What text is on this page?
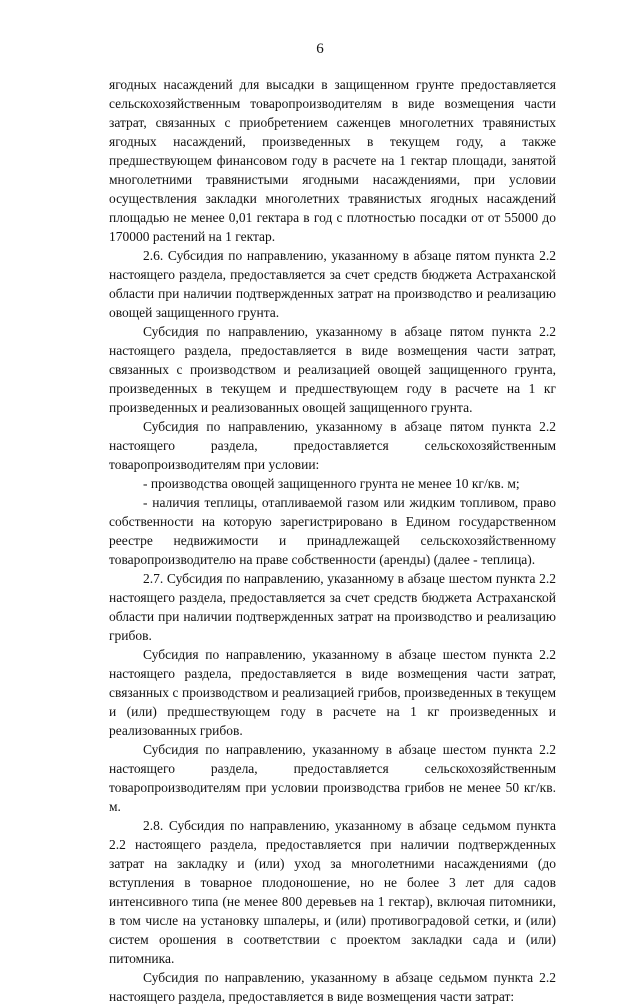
6

ягодных насаждений для высадки в защищенном грунте предоставляется сельскохозяйственным товаропроизводителям в виде возмещения части затрат, связанных с приобретением саженцев многолетних травянистых ягодных насаждений, произведенных в текущем году, а также предшествующем финансовом году в расчете на 1 гектар площади, занятой многолетними травянистыми ягодными насаждениями, при условии осуществления закладки многолетних травянистых ягодных насаждений площадью не менее 0,01 гектара в год с плотностью посадки от от 55000 до 170000 растений на 1 гектар.

2.6. Субсидия по направлению, указанному в абзаце пятом пункта 2.2 настоящего раздела, предоставляется за счет средств бюджета Астраханской области при наличии подтвержденных затрат на производство и реализацию овощей защищенного грунта.

Субсидия по направлению, указанному в абзаце пятом пункта 2.2 настоящего раздела, предоставляется в виде возмещения части затрат, связанных с производством и реализацией овощей защищенного грунта, произведенных в текущем и предшествующем году в расчете на 1 кг произведенных и реализованных овощей защищенного грунта.

Субсидия по направлению, указанному в абзаце пятом пункта 2.2 настоящего раздела, предоставляется сельскохозяйственным товаропроизводителям при условии:

- производства овощей защищенного грунта не менее 10 кг/кв. м;

- наличия теплицы, отапливаемой газом или жидким топливом, право собственности на которую зарегистрировано в Едином государственном реестре недвижимости и принадлежащей сельскохозяйственному товаропроизводителю на праве собственности (аренды) (далее - теплица).

2.7. Субсидия по направлению, указанному в абзаце шестом пункта 2.2 настоящего раздела, предоставляется за счет средств бюджета Астраханской области при наличии подтвержденных затрат на производство и реализацию грибов.

Субсидия по направлению, указанному в абзаце шестом пункта 2.2 настоящего раздела, предоставляется в виде возмещения части затрат, связанных с производством и реализацией грибов, произведенных в текущем и (или) предшествующем году в расчете на 1 кг произведенных и реализованных грибов.

Субсидия по направлению, указанному в абзаце шестом пункта 2.2 настоящего раздела, предоставляется сельскохозяйственным товаропроизводителям при условии производства грибов не менее 50 кг/кв. м.

2.8. Субсидия по направлению, указанному в абзаце седьмом пункта 2.2 настоящего раздела, предоставляется при наличии подтвержденных затрат на закладку и (или) уход за многолетними насаждениями (до вступления в товарное плодоношение, но не более 3 лет для садов интенсивного типа (не менее 800 деревьев на 1 гектар), включая питомники, в том числе на установку шпалеры, и (или) противоградовой сетки, и (или) систем орошения в соответствии с проектом закладки сада и (или) питомника.

Субсидия по направлению, указанному в абзаце седьмом пункта 2.2 настоящего раздела, предоставляется в виде возмещения части затрат:
